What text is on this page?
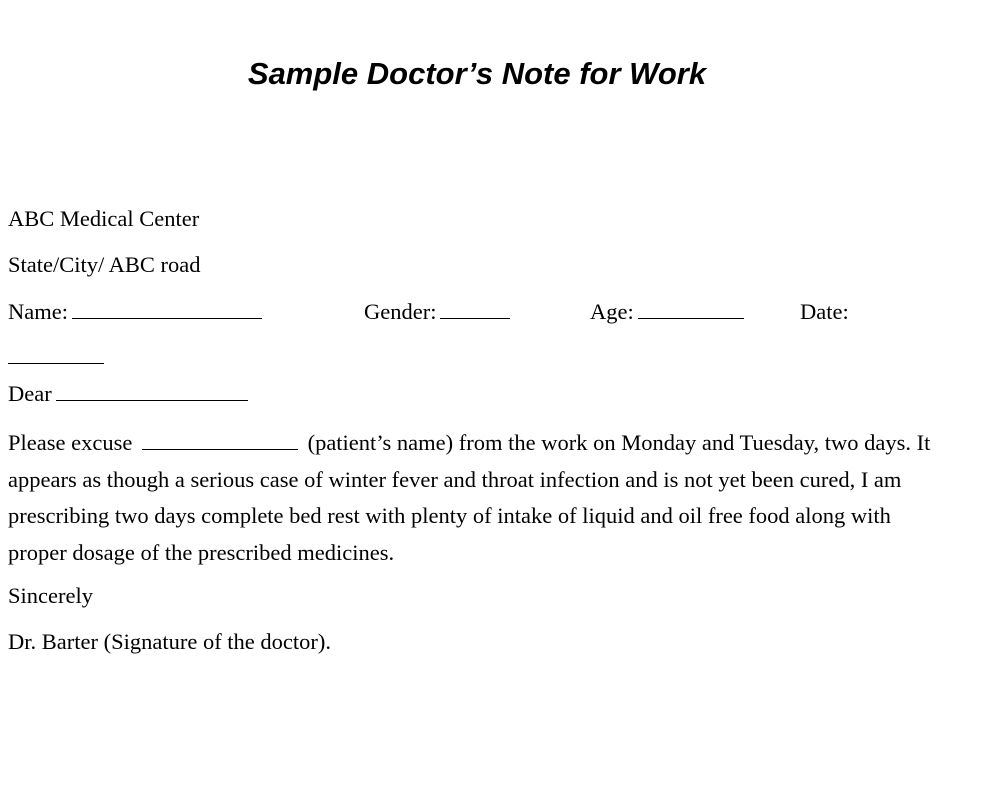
Sample Doctor’s Note for Work
ABC Medical Center
State/City/ ABC road
Name:	Gender:	Age:	Date:
Dear

Please excuse	(patient’s name) from the work on Monday and Tuesday, two days. It appears as though a serious case of winter fever and throat infection and is not yet been cured, I am prescribing two days complete bed rest with plenty of intake of liquid and oil free food along with proper dosage of the prescribed medicines.

Sincerely
Dr. Barter (Signature of the doctor).
